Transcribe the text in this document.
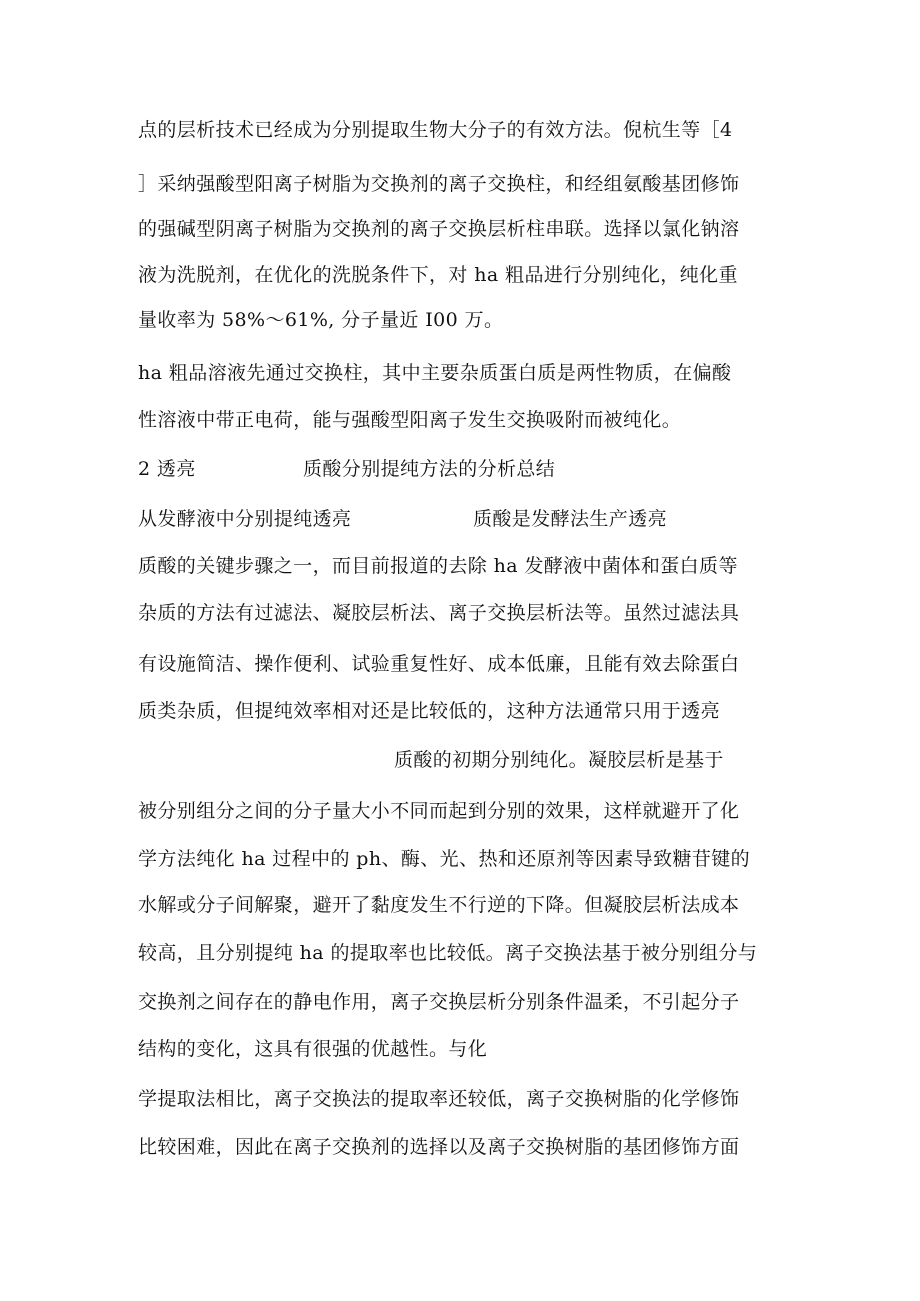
点的层析技术已经成为分别提取生物大分子的有效方法。倪杭生等［4
］采纳强酸型阳离子树脂为交换剂的离子交换柱，和经组氨酸基团修饰
的强碱型阴离子树脂为交换剂的离子交换层析柱串联。选择以氯化钠溶
液为洗脱剂，在优化的洗脱条件下，对 ha 粗品进行分别纯化，纯化重
量收率为 58%～61%, 分子量近 I00 万。
ha 粗品溶液先通过交换柱，其中主要杂质蛋白质是两性物质，在偏酸
性溶液中带正电荷，能与强酸型阳离子发生交换吸附而被纯化。
2 透亮	质酸分别提纯方法的分析总结
从发酵液中分别提纯透亮	质酸是发酵法生产透亮
质酸的关键步骤之一，而目前报道的去除 ha 发酵液中菌体和蛋白质等
杂质的方法有过滤法、凝胶层析法、离子交换层析法等。虽然过滤法具
有设施简洁、操作便利、试验重复性好、成本低廉，且能有效去除蛋白
质类杂质，但提纯效率相对还是比较低的，这种方法通常只用于透亮
质酸的初期分别纯化。凝胶层析是基于
被分别组分之间的分子量大小不同而起到分别的效果，这样就避开了化
学方法纯化 ha 过程中的 ph、酶、光、热和还原剂等因素导致糖苷键的
水解或分子间解聚，避开了黏度发生不行逆的下降。但凝胶层析法成本
较高，且分别提纯 ha 的提取率也比较低。离子交换法基于被分别组分与
交换剂之间存在的静电作用，离子交换层析分别条件温柔，不引起分子
结构的变化，这具有很强的优越性。与化
学提取法相比，离子交换法的提取率还较低，离子交换树脂的化学修饰
比较困难，因此在离子交换剂的选择以及离子交换树脂的基团修饰方面
